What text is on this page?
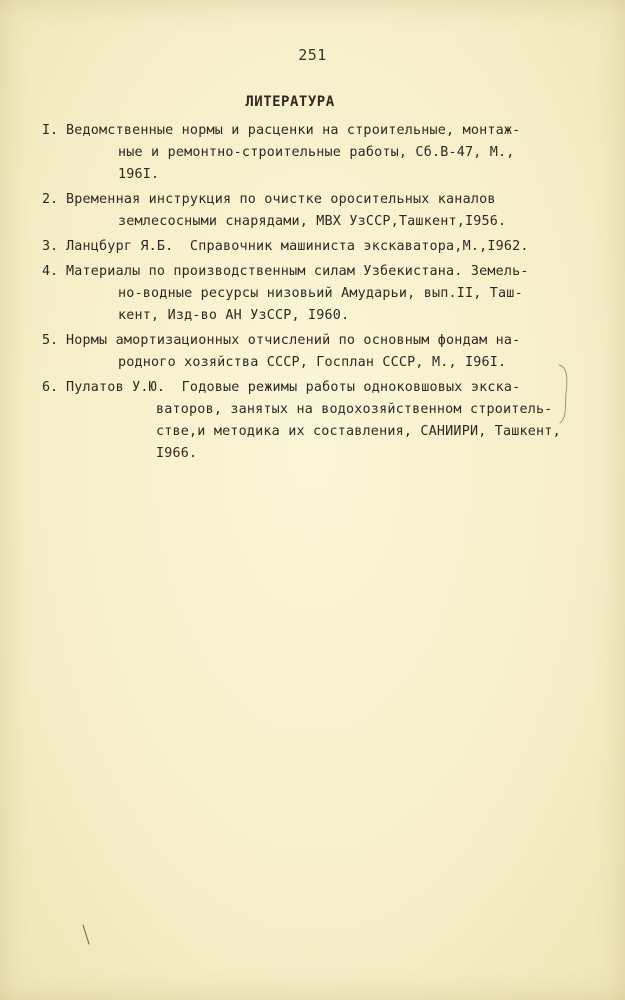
251
ЛИТЕРАТУРА
I. Ведомственные нормы и расценки на строительные, монтаж-
ные и ремонтно-строительные работы, Сб.В-47, М.,
196I.
2. Временная инструкция по очистке оросительных каналов
землесосными снарядами, МВХ УзССР,Ташкент,I956.
3. Ланцбург Я.Б.  Справочник машиниста экскаватора,М.,I962.
4. Материалы по производственным силам Узбекистана. Земель-
но-водные ресурсы низовьий Амударьи, вып.II, Таш-
кент, Изд-во АН УзССР, I960.
5. Нормы амортизационных отчислений по основным фондам на-
родного хозяйства СССР, Госплан СССР, М., I96I.
6. Пулатов У.Ю.  Годовые режимы работы одноковшовых экска-
ваторов, занятых на водохозяйственном строитель-
стве,и методика их составления, САНИИРИ, Ташкент,
I966.
